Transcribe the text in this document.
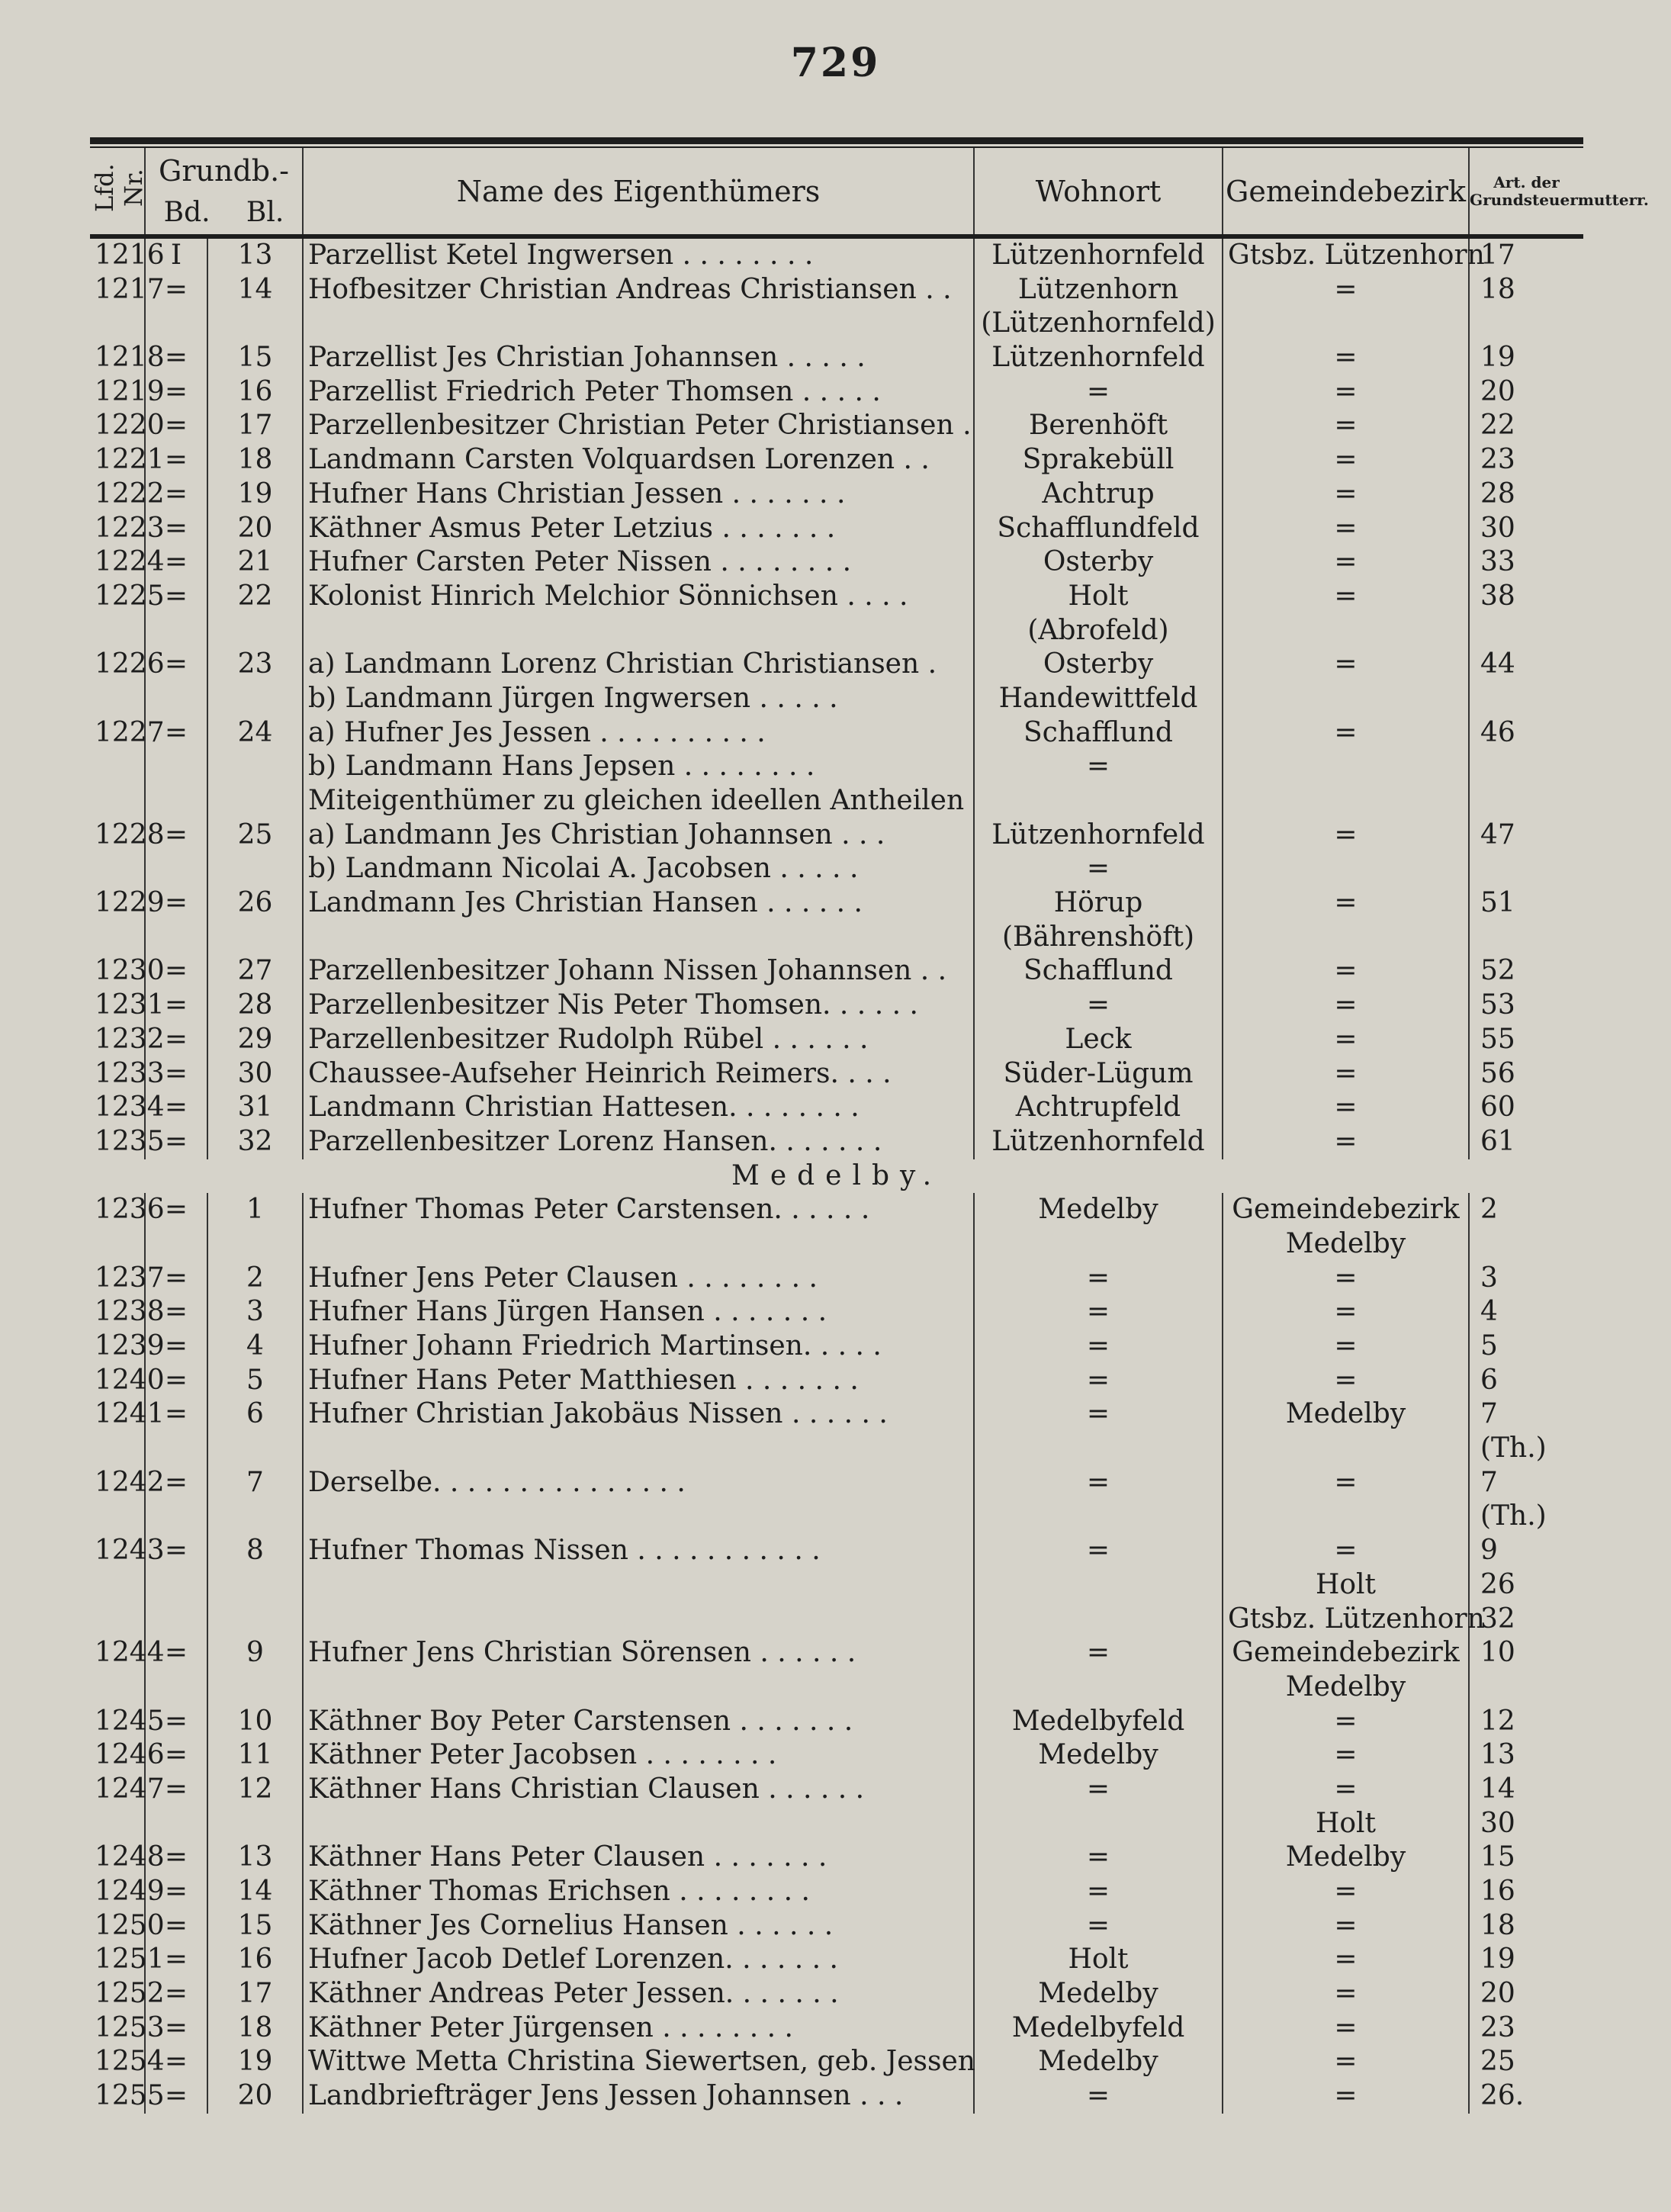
729
Lfd. Nr.	Grundb.-
Bd. Bl.
	Name des Eigenthümers	Wohnort	Gemeindebezirk	Art. der Grundsteuermutterr.
1216	I	13	Parzellist Ketel Ingwersen . . . . . . . .	Lützenhornfeld	Gtsbz. Lützenhorn	17
1217	=	14	Hofbesitzer Christian Andreas Christiansen . .	Lützenhorn	=	18
				(Lützenhornfeld)		
1218	=	15	Parzellist Jes Christian Johannsen . . . . .	Lützenhornfeld	=	19
1219	=	16	Parzellist Friedrich Peter Thomsen . . . . .	=	=	20
1220	=	17	Parzellenbesitzer Christian Peter Christiansen .	Berenhöft	=	22
1221	=	18	Landmann Carsten Volquardsen Lorenzen . .	Sprakebüll	=	23
1222	=	19	Hufner Hans Christian Jessen . . . . . . .	Achtrup	=	28
1223	=	20	Käthner Asmus Peter Letzius . . . . . . .	Schafflundfeld	=	30
1224	=	21	Hufner Carsten Peter Nissen . . . . . . . .	Osterby	=	33
1225	=	22	Kolonist Hinrich Melchior Sönnichsen . . . .	Holt	=	38
				(Abrofeld)		
1226	=	23	a) Landmann Lorenz Christian Christiansen .	Osterby	=	44
			b) Landmann Jürgen Ingwersen . . . . .	Handewittfeld		
1227	=	24	a) Hufner Jes Jessen . . . . . . . . . .	Schafflund	=	46
			b) Landmann Hans Jepsen . . . . . . . .	=		
			Miteigenthümer zu gleichen ideellen Antheilen			
1228	=	25	a) Landmann Jes Christian Johannsen . . .	Lützenhornfeld	=	47
			b) Landmann Nicolai A. Jacobsen . . . . .	=		
1229	=	26	Landmann Jes Christian Hansen . . . . . .	Hörup	=	51
				(Bährenshöft)		
1230	=	27	Parzellenbesitzer Johann Nissen Johannsen . .	Schafflund	=	52
1231	=	28	Parzellenbesitzer Nis Peter Thomsen. . . . . .	=	=	53
1232	=	29	Parzellenbesitzer Rudolph Rübel . . . . . .	Leck	=	55
1233	=	30	Chaussee-Aufseher Heinrich Reimers. . . .	Süder-Lügum	=	56
1234	=	31	Landmann Christian Hattesen. . . . . . . .	Achtrupfeld	=	60
1235	=	32	Parzellenbesitzer Lorenz Hansen. . . . . . .	Lützenhornfeld	=	61
Medelby.						
1236	=	1	Hufner Thomas Peter Carstensen. . . . . .	Medelby	Gemeindebezirk	2
					Medelby	
1237	=	2	Hufner Jens Peter Clausen . . . . . . . .	=	=	3
1238	=	3	Hufner Hans Jürgen Hansen . . . . . . .	=	=	4
1239	=	4	Hufner Johann Friedrich Martinsen. . . . .	=	=	5
1240	=	5	Hufner Hans Peter Matthiesen . . . . . . .	=	=	6
1241	=	6	Hufner Christian Jakobäus Nissen . . . . . .	=	Medelby	7
						(Th.)
1242	=	7	Derselbe. . . . . . . . . . . . . . .	=	=	7
						(Th.)
1243	=	8	Hufner Thomas Nissen . . . . . . . . . . .	=	=	9
					Holt	26
					Gtsbz. Lützenhorn	32
1244	=	9	Hufner Jens Christian Sörensen . . . . . .	=	Gemeindebezirk	10
					Medelby	
1245	=	10	Käthner Boy Peter Carstensen . . . . . . .	Medelbyfeld	=	12
1246	=	11	Käthner Peter Jacobsen . . . . . . . .	Medelby	=	13
1247	=	12	Käthner Hans Christian Clausen . . . . . .	=	=	14
					Holt	30
1248	=	13	Käthner Hans Peter Clausen . . . . . . .	=	Medelby	15
1249	=	14	Käthner Thomas Erichsen . . . . . . . .	=	=	16
1250	=	15	Käthner Jes Cornelius Hansen . . . . . .	=	=	18
1251	=	16	Hufner Jacob Detlef Lorenzen. . . . . . .	Holt	=	19
1252	=	17	Käthner Andreas Peter Jessen. . . . . . .	Medelby	=	20
1253	=	18	Käthner Peter Jürgensen . . . . . . . .	Medelbyfeld	=	23
1254	=	19	Wittwe Metta Christina Siewertsen, geb. Jessen	Medelby	=	25
1255	=	20	Landbriefträger Jens Jessen Johannsen . . .	=	=	26.
